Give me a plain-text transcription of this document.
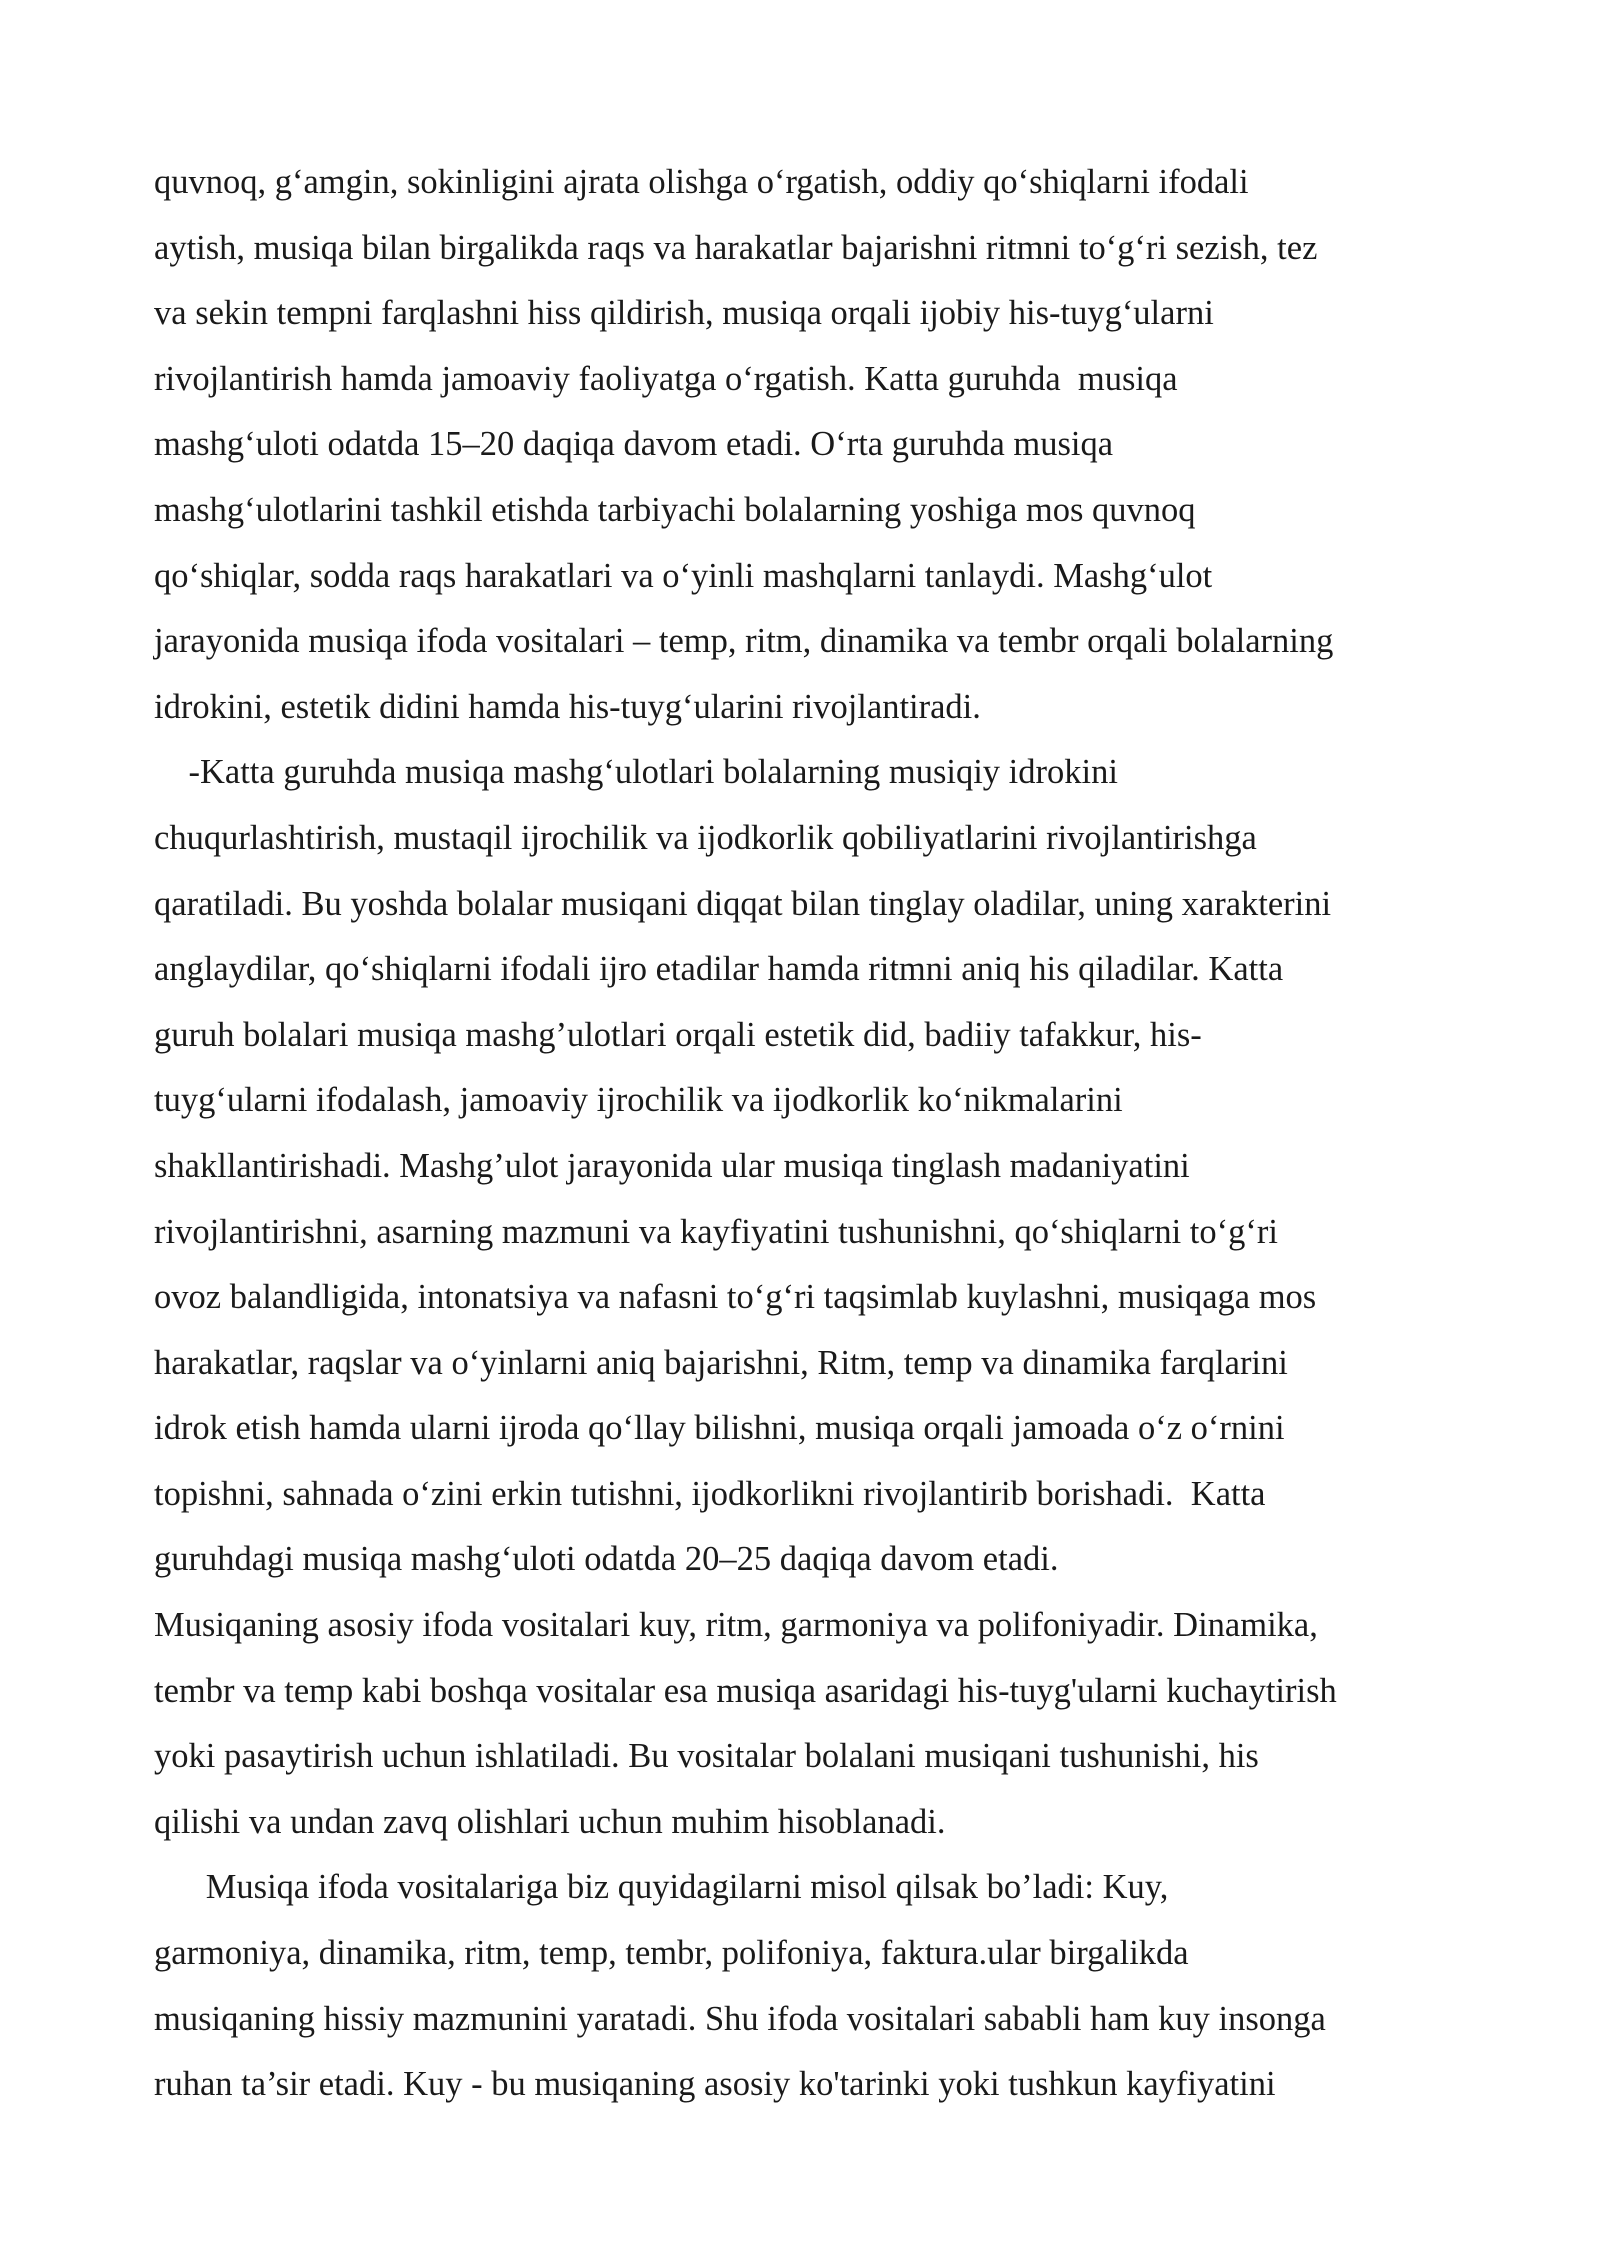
quvnoq, g‘amgin, sokinligini ajrata olishga o‘rgatish, oddiy qo‘shiqlarni ifodali
aytish, musiqa bilan birgalikda raqs va harakatlar bajarishni ritmni to‘g‘ri sezish, tez
va sekin tempni farqlashni hiss qildirish, musiqa orqali ijobiy his-tuyg‘ularni
rivojlantirish hamda jamoaviy faoliyatga o‘rgatish. Katta guruhda  musiqa
mashg‘uloti odatda 15–20 daqiqa davom etadi. O‘rta guruhda musiqa
mashg‘ulotlarini tashkil etishda tarbiyachi bolalarning yoshiga mos quvnoq
qo‘shiqlar, sodda raqs harakatlari va o‘yinli mashqlarni tanlaydi. Mashg‘ulot
jarayonida musiqa ifoda vositalari – temp, ritm, dinamika va tembr orqali bolalarning
idrokini, estetik didini hamda his-tuyg‘ularini rivojlantiradi.
-Katta guruhda musiqa mashg‘ulotlari bolalarning musiqiy idrokini
chuqurlashtirish, mustaqil ijrochilik va ijodkorlik qobiliyatlarini rivojlantirishga
qaratiladi. Bu yoshda bolalar musiqani diqqat bilan tinglay oladilar, uning xarakterini
anglaydilar, qo‘shiqlarni ifodali ijro etadilar hamda ritmni aniq his qiladilar. Katta
guruh bolalari musiqa mashg’ulotlari orqali estetik did, badiiy tafakkur, his-
tuyg‘ularni ifodalash, jamoaviy ijrochilik va ijodkorlik ko‘nikmalarini
shakllantirishadi. Mashg’ulot jarayonida ular musiqa tinglash madaniyatini
rivojlantirishni, asarning mazmuni va kayfiyatini tushunishni, qo‘shiqlarni to‘g‘ri
ovoz balandligida, intonatsiya va nafasni to‘g‘ri taqsimlab kuylashni, musiqaga mos
harakatlar, raqslar va o‘yinlarni aniq bajarishni, Ritm, temp va dinamika farqlarini
idrok etish hamda ularni ijroda qo‘llay bilishni, musiqa orqali jamoada o‘z o‘rnini
topishni, sahnada o‘zini erkin tutishni, ijodkorlikni rivojlantirib borishadi.  Katta
guruhdagi musiqa mashg‘uloti odatda 20–25 daqiqa davom etadi.
Musiqaning asosiy ifoda vositalari kuy, ritm, garmoniya va polifoniyadir. Dinamika,
tembr va temp kabi boshqa vositalar esa musiqa asaridagi his-tuyg'ularni kuchaytirish
yoki pasaytirish uchun ishlatiladi. Bu vositalar bolalani musiqani tushunishi, his
qilishi va undan zavq olishlari uchun muhim hisoblanadi.
Musiqa ifoda vositalariga biz quyidagilarni misol qilsak bo’ladi: Kuy,
garmoniya, dinamika, ritm, temp, tembr, polifoniya, faktura.ular birgalikda
musiqaning hissiy mazmunini yaratadi. Shu ifoda vositalari sababli ham kuy insonga
ruhan ta’sir etadi. Kuy - bu musiqaning asosiy ko'tarinki yoki tushkun kayfiyatini
